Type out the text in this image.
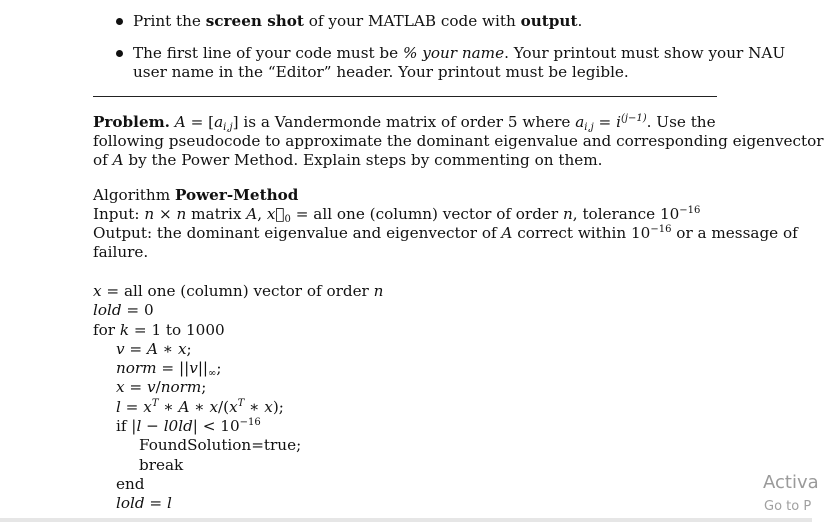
Print the screen shot of your MATLAB code with output.
The first line of your code must be % your name. Your printout must show your NAU
user name in the “Editor” header. Your printout must be legible.
Problem. $A = [a_{i,j}]$ is a Vandermonde matrix of order 5 where $a_{i,j} = i^{(j-1)}$. Use the
following pseudocode to approximate the dominant eigenvalue and corresponding eigenvector
of A by the Power Method. Explain steps by commenting on them.
Algorithm Power-Method
Input: n × n matrix A, $x⃗_0$ = all one (column) vector of order n, tolerance $10^{-16}$
Output: the dominant eigenvalue and eigenvector of A correct within $10^{-16}$ or a message of
failure.
x = all one (column) vector of order n
lold = 0
for k = 1 to 1000
v = A ∗ x;
norm = $||v||_\infty$;
x = v/norm;
$l = x^T$ ∗ A ∗ $x/(x^T$ ∗ x);
if $|l - l0ld| < 10^{-16}$
FoundSolution=true;
break
end
lold = l
Activa
Go to P
